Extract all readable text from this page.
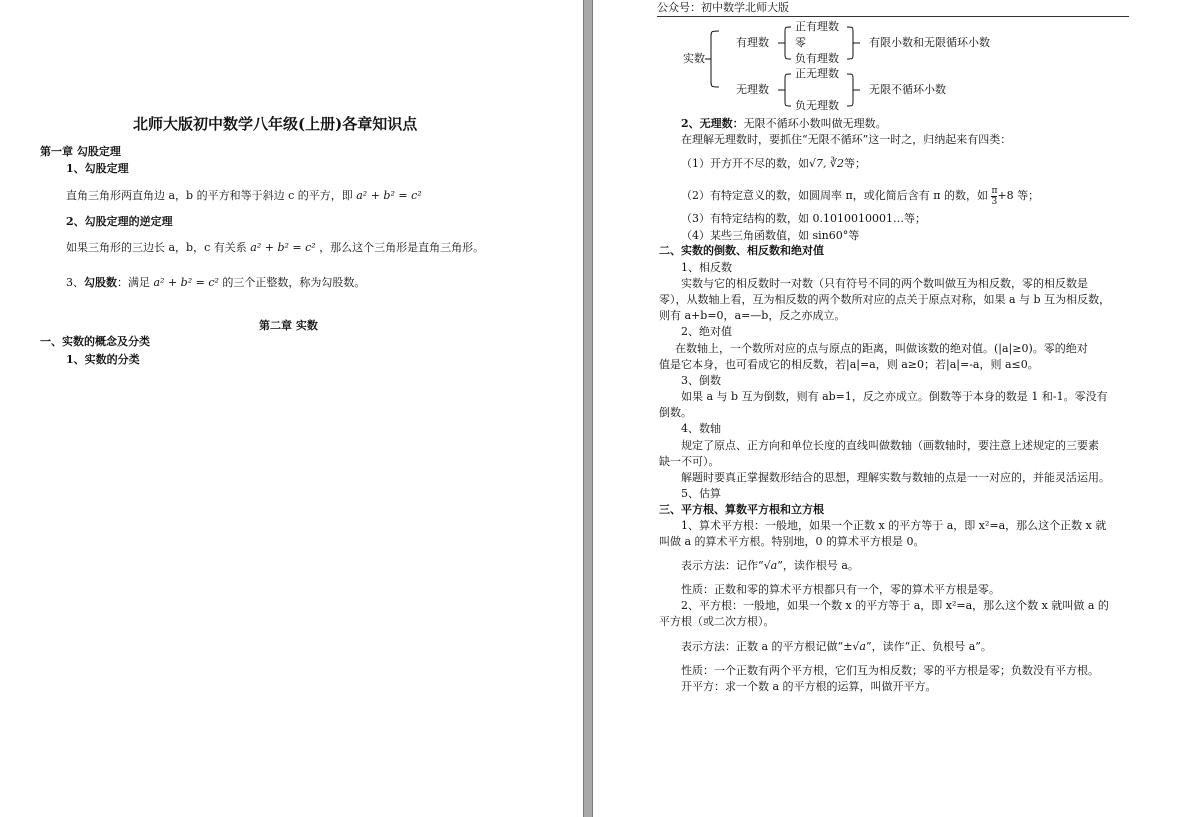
北师大版初中数学八年级(上册)各章知识点
第一章 勾股定理
1、勾股定理
直角三角形两直角边 a，b 的平方和等于斜边 c 的平方，即 a² + b² = c²
2、勾股定理的逆定理
如果三角形的三边长 a，b，c 有关系 a² + b² = c² ，那么这个三角形是直角三角形。
3、勾股数：满足 a² + b² = c² 的三个正整数，称为勾股数。
第二章 实数
一、实数的概念及分类
1、实数的分类
公众号：初中数学北师大版
实数
有理数
正有理数
零
负有理数
有限小数和无限循环小数
无理数
正无理数
负无理数
无限不循环小数
2、无理数：无限不循环小数叫做无理数。
在理解无理数时，要抓住“无限不循环”这一时之，归纳起来有四类：
（1）开方开不尽的数，如√7, ∛2等；
（2）有特定意义的数，如圆周率 π，或化简后含有 π 的数，如 $\frac{\pi}{3} +8$ 等；
（3）有特定结构的数，如 0.1010010001…等；
（4）某些三角函数值，如 sin60°等
二、实数的倒数、相反数和绝对值
1、相反数
实数与它的相反数时一对数（只有符号不同的两个数叫做互为相反数，零的相反数是
零），从数轴上看，互为相反数的两个数所对应的点关于原点对称，如果 a 与 b 互为相反数，
则有 a+b=0，a=—b，反之亦成立。
2、绝对值
在数轴上，一个数所对应的点与原点的距离，叫做该数的绝对值。(|a|≥0)。零的绝对
值是它本身，也可看成它的相反数，若|a|=a，则 a≥0；若|a|=-a，则 a≤0。
3、倒数
如果 a 与 b 互为倒数，则有 ab=1，反之亦成立。倒数等于本身的数是 1 和-1。零没有
倒数。
4、数轴
规定了原点、正方向和单位长度的直线叫做数轴（画数轴时，要注意上述规定的三要素
缺一不可）。
解题时要真正掌握数形结合的思想，理解实数与数轴的点是一一对应的，并能灵活运用。
5、估算
三、平方根、算数平方根和立方根
1、算术平方根：一般地，如果一个正数 x 的平方等于 a，即 x²=a，那么这个正数 x 就
叫做 a 的算术平方根。特别地，0 的算术平方根是 0。
表示方法：记作“√a”，读作根号 a。
性质：正数和零的算术平方根都只有一个，零的算术平方根是零。
2、平方根：一般地，如果一个数 x 的平方等于 a，即 x²=a，那么这个数 x 就叫做 a 的
平方根（或二次方根）。
表示方法：正数 a 的平方根记做“±√a”，读作“正、负根号 a”。
性质：一个正数有两个平方根，它们互为相反数；零的平方根是零；负数没有平方根。
开平方：求一个数 a 的平方根的运算，叫做开平方。
